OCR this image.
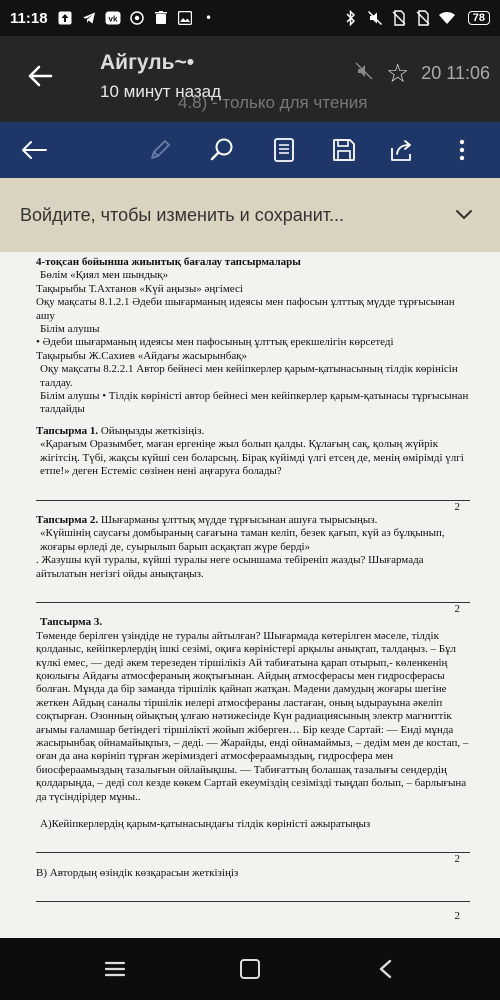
11:18	vk	•	78
Айгуль~•
10 минут назад
4.8) - только для чтения
☆ 20 11:06
Войдите, чтобы изменить и сохранит...

4-тоқсан бойынша жиынтық бағалау тапсырмалары

Бөлім «Қиял мен шындық»

Тақырыбы Т.Ахтанов «Күй аңызы» әңгімесі

Оқу мақсаты 8.1.2.1 Әдеби шығарманың идеясы мен пафосын ұлттық мүдде тұрғысынан ашу

Білім алушы

• Әдеби шығарманың идеясы мен пафосының ұлттық ерекшелігін көрсетеді

Тақырыбы Ж.Сахиев «Айдағы жасырынбақ»

Оқу мақсаты 8.2.2.1 Автор бейнесі мен кейіпкерлер қарым-қатынасының тілдік көрінісін талдау.

Білім алушы • Тілдік көріністі автор бейнесі мен кейіпкерлер қарым-қатынасы тұрғысынан талдайды

Тапсырма 1. Ойыңызды жеткізіңіз.

«Қарағым Оразымбет, маған ергеніңе жыл болып қалды. Құлағың сақ, қолың жүйрік жігітсің. Түбі, жақсы күйші сен боларсың. Бірақ күйімді үлгі етсең де, менің өмірімді үлгі етпе!» деген Естеміс сөзінен нені аңғаруға болады?

2

Тапсырма 2. Шығарманы ұлттық мүдде тұрғысынан ашуға тырысыңыз.

«Күйшінің саусағы домбыраның сағағына таман келіп, безек қағып, күй аз бұлқынып, жоғары өрледі де, суырылып барып асқақтап жүре берді»

. Жазушы күй туралы, күйші туралы неге осыншама тебіреніп жазды? Шығармада айтылатын негізгі ойды анықтаңыз.

2

Тапсырма 3.

Төменде берілген үзіндіде не туралы айтылған? Шығармада көтерілген мәселе, тілдік қолданыс, кейіпкерлердің ішкі сезімі, оқиға көріністері арқылы анықтап, талдаңыз. – Бұл күлкі емес, — деді әкем терезеден тіршілікіз Ай табиғатына қарап отырып,- көленкенің қоюлығы Айдағы атмосфераның жоқтығынан. Айдың атмосферасы мен гидросферасы болған. Мұнда да бір заманда тіршілік қайнап жатқан. Мәдени дамудың жоғары шегіне жеткен Айдың саналы тіршілік иелері атмосфераны ластаған, оның ыдырауына әкеліп соқтырған. Озонның ойықтың ұлғаю нәтижесінде Күн радиациясының электр магниттік ағымы ғаламшар бетіндегі тіршілікті жойып жіберген… Бір кезде Сартай: — Енді мұнда жасырынбақ ойнамайықпыз, – деді. — Жарайды, енді ойнамаймыз, – дедім мен де костап, – оған да ана көрініп тұрған жерімиздегі атмосфераамыздың, гидросфера мен биосфераамыздың тазалығын ойлайықшы. — Табиғаттың болашақ тазалығы сендердің қолдарыңда, – деді сол кезде көкем Сартай екеуміздің сезімізді тыңдап болып, – барлығына да түсіндірідер мұны..

А)Кейіпкерлердің қарым-қатынасындағы тілдік көріністі ажыратыңыз

2

В) Автордың өзіндік көзқарасын жеткізіңіз

2
